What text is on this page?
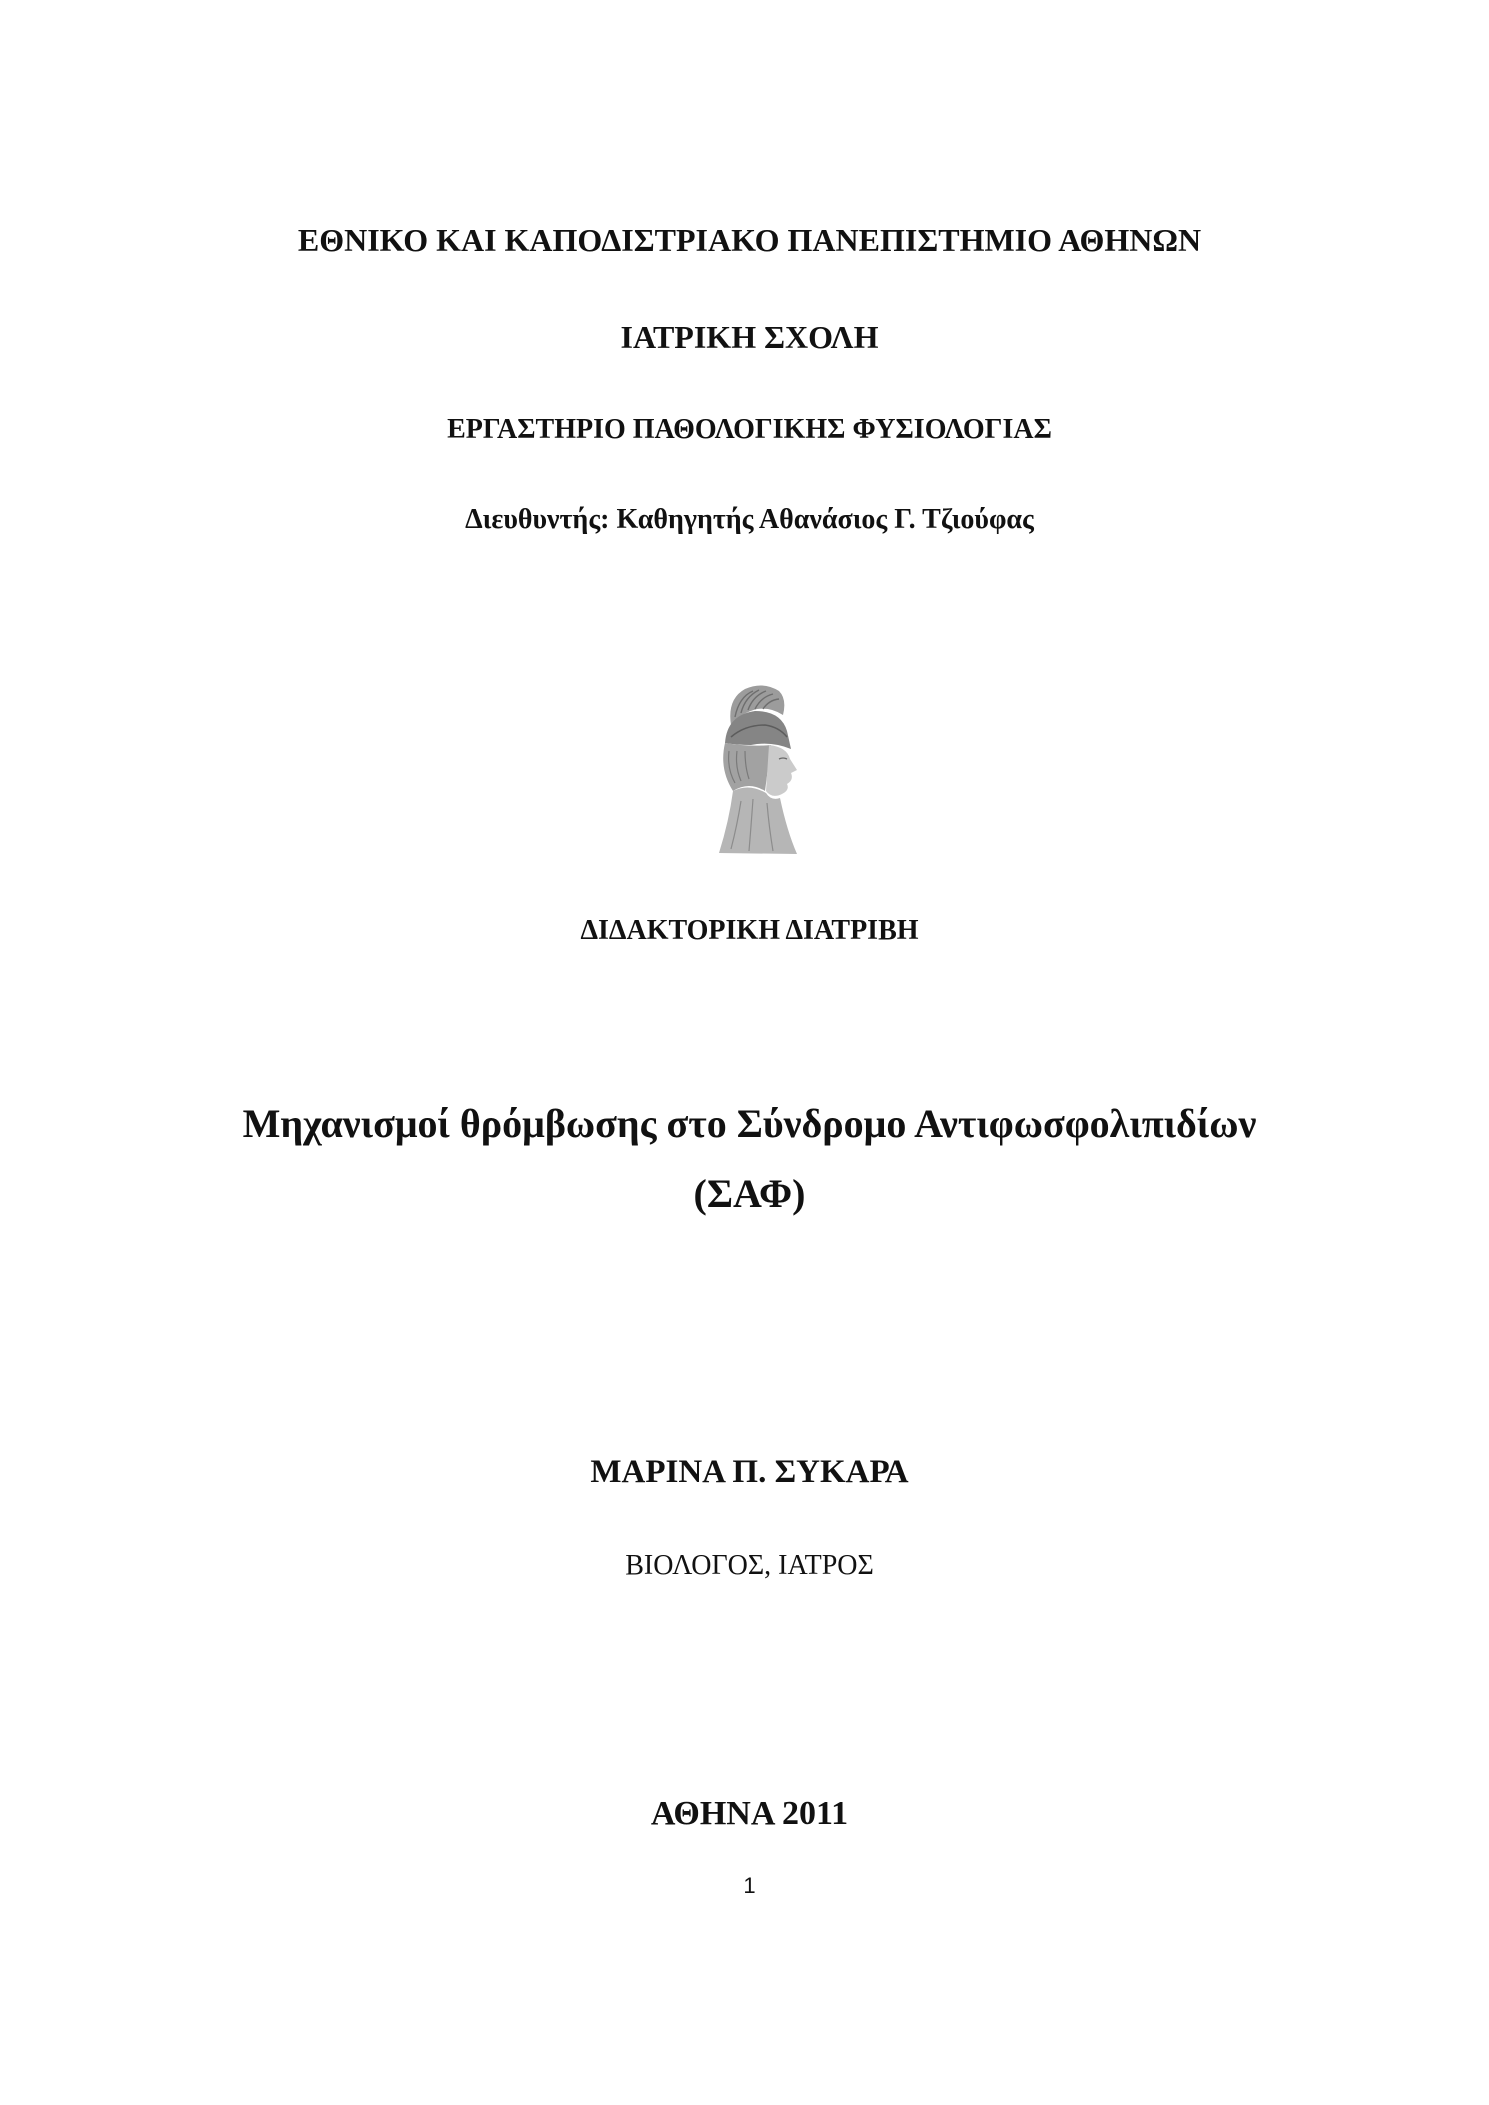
ΕΘΝΙΚΟ ΚΑΙ ΚΑΠΟΔΙΣΤΡΙΑΚΟ ΠΑΝΕΠΙΣΤΗΜΙΟ ΑΘΗΝΩΝ
ΙΑΤΡΙΚΗ ΣΧΟΛΗ
ΕΡΓΑΣΤΗΡΙΟ ΠΑΘΟΛΟΓΙΚΗΣ ΦΥΣΙΟΛΟΓΙΑΣ
Διευθυντής: Καθηγητής Αθανάσιος Γ. Τζιούφας
ΔΙΔΑΚΤΟΡΙΚΗ ΔΙΑΤΡΙΒΗ
Μηχανισμοί θρόμβωσης στο Σύνδρομο Αντιφωσφολιπιδίων
(ΣΑΦ)
ΜΑΡΙΝΑ Π. ΣΥΚΑΡΑ
ΒΙΟΛΟΓΟΣ, ΙΑΤΡΟΣ
ΑΘΗΝΑ 2011
1
